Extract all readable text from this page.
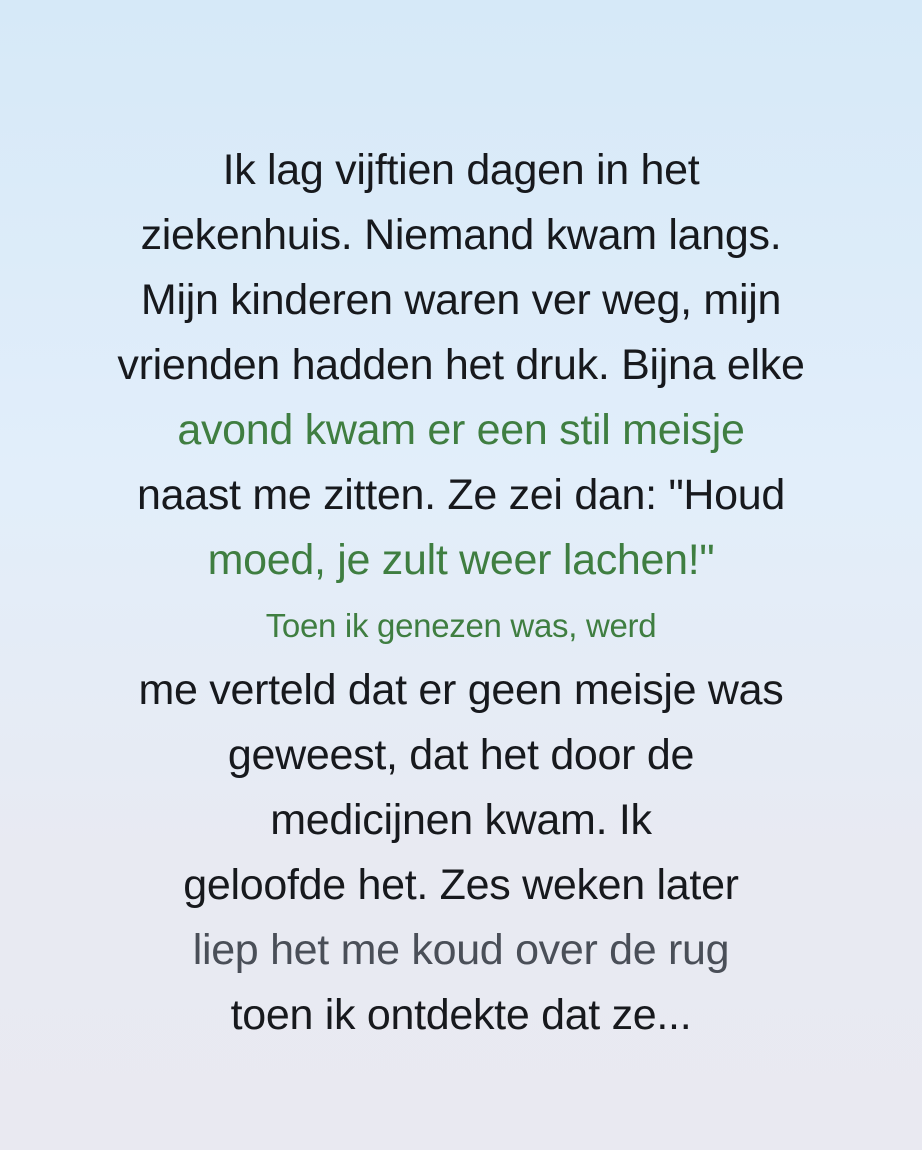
Ik lag vijftien dagen in het
ziekenhuis. Niemand kwam langs.
Mijn kinderen waren ver weg, mijn
vrienden hadden het druk. Bijna elke
avond kwam er een stil meisje
naast me zitten. Ze zei dan: "Houd
moed, je zult weer lachen!"
Toen ik genezen was, werd
me verteld dat er geen meisje was
geweest, dat het door de
medicijnen kwam. Ik
geloofde het. Zes weken later
liep het me koud over de rug
toen ik ontdekte dat ze...
